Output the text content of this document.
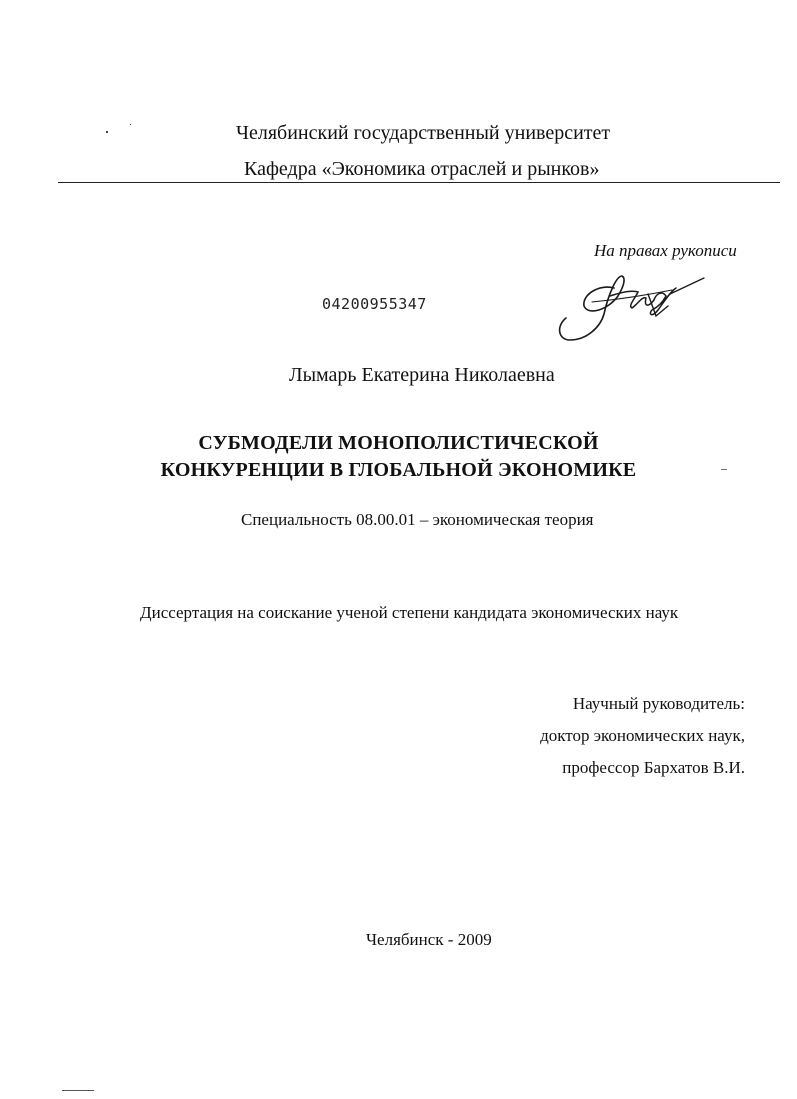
Челябинский государственный университет
Кафедра «Экономика отраслей и рынков»
На правах рукописи
04200955347
Лымарь Екатерина Николаевна
СУБМОДЕЛИ МОНОПОЛИСТИЧЕСКОЙ
КОНКУРЕНЦИИ В ГЛОБАЛЬНОЙ ЭКОНОМИКЕ
Специальность 08.00.01 – экономическая теория
Диссертация на соискание ученой степени кандидата экономических наук
Научный руководитель:
доктор экономических наук,
профессор Бархатов В.И.
Челябинск - 2009
